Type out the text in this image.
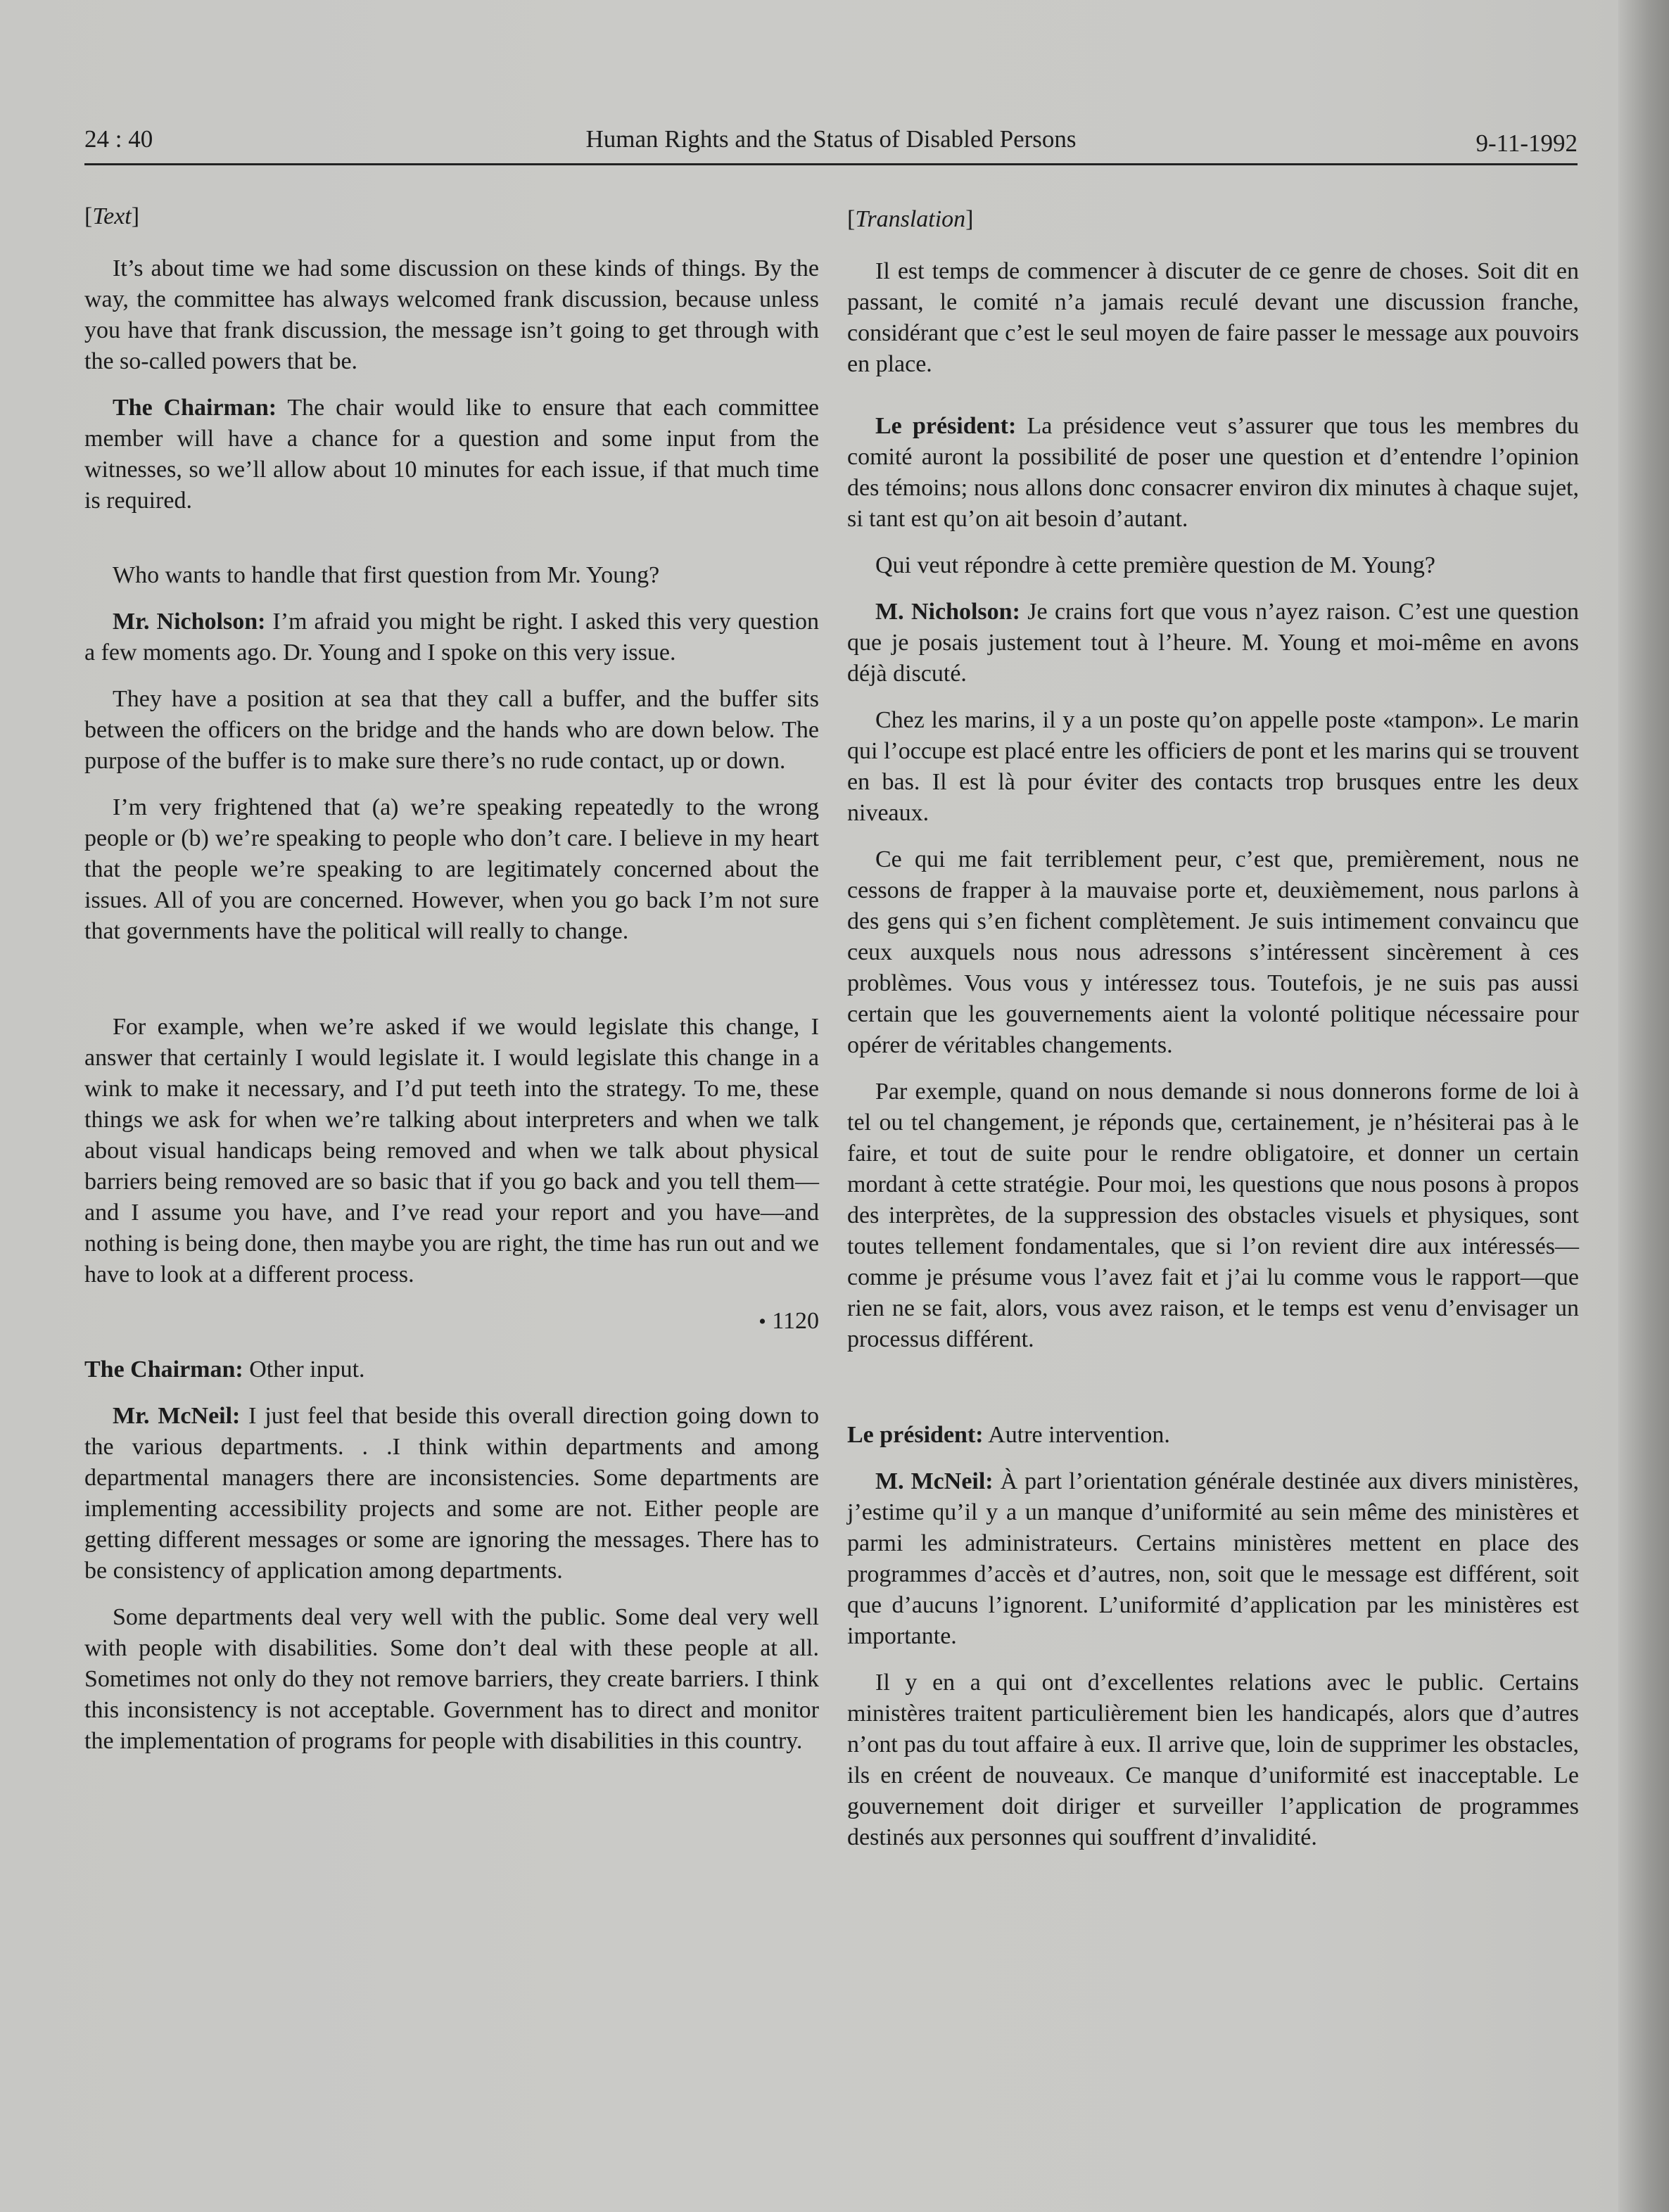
24 : 40	Human Rights and the Status of Disabled Persons	9-11-1992
[Text]

It’s about time we had some discussion on these kinds of things. By the way, the committee has always welcomed frank discussion, because unless you have that frank discussion, the message isn’t going to get through with the so-called powers that be.

The Chairman: The chair would like to ensure that each committee member will have a chance for a question and some input from the witnesses, so we’ll allow about 10 minutes for each issue, if that much time is required.

Who wants to handle that first question from Mr. Young?

Mr. Nicholson: I’m afraid you might be right. I asked this very question a few moments ago. Dr. Young and I spoke on this very issue.

They have a position at sea that they call a buffer, and the buffer sits between the officers on the bridge and the hands who are down below. The purpose of the buffer is to make sure there’s no rude contact, up or down.

I’m very frightened that (a) we’re speaking repeatedly to the wrong people or (b) we’re speaking to people who don’t care. I believe in my heart that the people we’re speaking to are legitimately concerned about the issues. All of you are concerned. However, when you go back I’m not sure that governments have the political will really to change.

For example, when we’re asked if we would legislate this change, I answer that certainly I would legislate it. I would legislate this change in a wink to make it necessary, and I’d put teeth into the strategy. To me, these things we ask for when we’re talking about interpreters and when we talk about visual handicaps being removed and when we talk about physical barriers being removed are so basic that if you go back and you tell them—and I assume you have, and I’ve read your report and you have—and nothing is being done, then maybe you are right, the time has run out and we have to look at a different process.

• 1120

The Chairman: Other input.

Mr. McNeil: I just feel that beside this overall direction going down to the various departments. . .I think within departments and among departmental managers there are inconsistencies. Some departments are implementing accessibility projects and some are not. Either people are getting different messages or some are ignoring the messages. There has to be consistency of application among departments.

Some departments deal very well with the public. Some deal very well with people with disabilities. Some don’t deal with these people at all. Sometimes not only do they not remove barriers, they create barriers. I think this inconsistency is not acceptable. Government has to direct and monitor the implementation of programs for people with disabilities in this country.

[Translation]

Il est temps de commencer à discuter de ce genre de choses. Soit dit en passant, le comité n’a jamais reculé devant une discussion franche, considérant que c’est le seul moyen de faire passer le message aux pouvoirs en place.

Le président: La présidence veut s’assurer que tous les membres du comité auront la possibilité de poser une question et d’entendre l’opinion des témoins; nous allons donc consacrer environ dix minutes à chaque sujet, si tant est qu’on ait besoin d’autant.

Qui veut répondre à cette première question de M. Young?

M. Nicholson: Je crains fort que vous n’ayez raison. C’est une question que je posais justement tout à l’heure. M. Young et moi-même en avons déjà discuté.

Chez les marins, il y a un poste qu’on appelle poste «tampon». Le marin qui l’occupe est placé entre les officiers de pont et les marins qui se trouvent en bas. Il est là pour éviter des contacts trop brusques entre les deux niveaux.

Ce qui me fait terriblement peur, c’est que, premièrement, nous ne cessons de frapper à la mauvaise porte et, deuxièmement, nous parlons à des gens qui s’en fichent complètement. Je suis intimement convaincu que ceux auxquels nous nous adressons s’intéressent sincèrement à ces problèmes. Vous vous y intéressez tous. Toutefois, je ne suis pas aussi certain que les gouvernements aient la volonté politique nécessaire pour opérer de véritables changements.

Par exemple, quand on nous demande si nous donnerons forme de loi à tel ou tel changement, je réponds que, certainement, je n’hésiterai pas à le faire, et tout de suite pour le rendre obligatoire, et donner un certain mordant à cette stratégie. Pour moi, les questions que nous posons à propos des interprètes, de la suppression des obstacles visuels et physiques, sont toutes tellement fondamentales, que si l’on revient dire aux intéressés—comme je présume vous l’avez fait et j’ai lu comme vous le rapport—que rien ne se fait, alors, vous avez raison, et le temps est venu d’envisager un processus différent.

Le président: Autre intervention.

M. McNeil: À part l’orientation générale destinée aux divers ministères, j’estime qu’il y a un manque d’uniformité au sein même des ministères et parmi les administrateurs. Certains ministères mettent en place des programmes d’accès et d’autres, non, soit que le message est différent, soit que d’aucuns l’ignorent. L’uniformité d’application par les ministères est importante.

Il y en a qui ont d’excellentes relations avec le public. Certains ministères traitent particulièrement bien les handicapés, alors que d’autres n’ont pas du tout affaire à eux. Il arrive que, loin de supprimer les obstacles, ils en créent de nouveaux. Ce manque d’uniformité est inacceptable. Le gouvernement doit diriger et surveiller l’application de programmes destinés aux personnes qui souffrent d’invalidité.
